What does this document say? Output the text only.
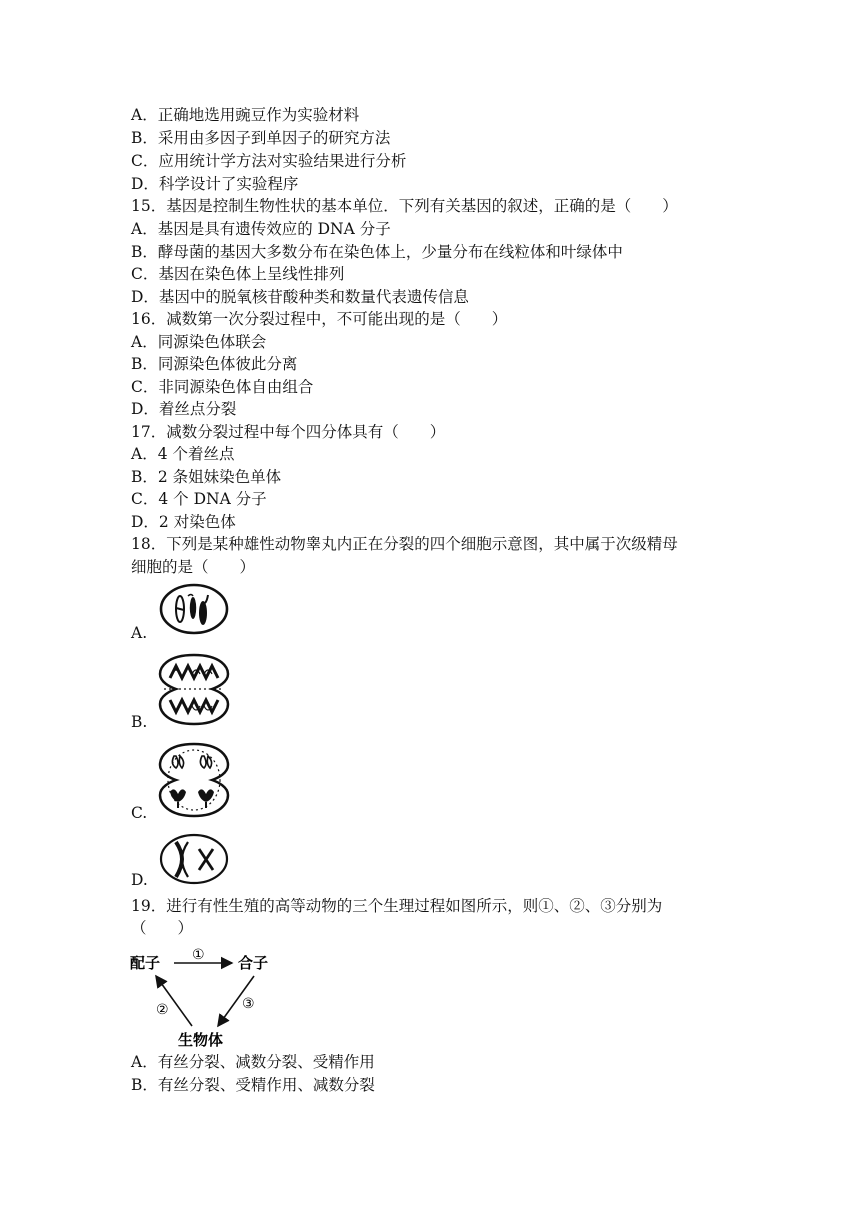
A．正确地选用豌豆作为实验材料
B．采用由多因子到单因子的研究方法
C．应用统计学方法对实验结果进行分析
D．科学设计了实验程序
15．基因是控制生物性状的基本单位．下列有关基因的叙述，正确的是（　　）
A．基因是具有遗传效应的 DNA 分子
B．酵母菌的基因大多数分布在染色体上，少量分布在线粒体和叶绿体中
C．基因在染色体上呈线性排列
D．基因中的脱氧核苷酸种类和数量代表遗传信息
16．减数第一次分裂过程中，不可能出现的是（　　）
A．同源染色体联会
B．同源染色体彼此分离
C．非同源染色体自由组合
D．着丝点分裂
17．减数分裂过程中每个四分体具有（　　）
A．4 个着丝点
B．2 条姐妹染色单体
C．4 个 DNA 分子
D．2 对染色体
18．下列是某种雄性动物睾丸内正在分裂的四个细胞示意图，其中属于次级精母
细胞的是（　　）
A.
B.
C.
D.
19．进行有性生殖的高等动物的三个生理过程如图所示，则①、②、③分别为
（　　）
配子	合子
生物体
①
②	③
A．有丝分裂、减数分裂、受精作用
B．有丝分裂、受精作用、减数分裂
